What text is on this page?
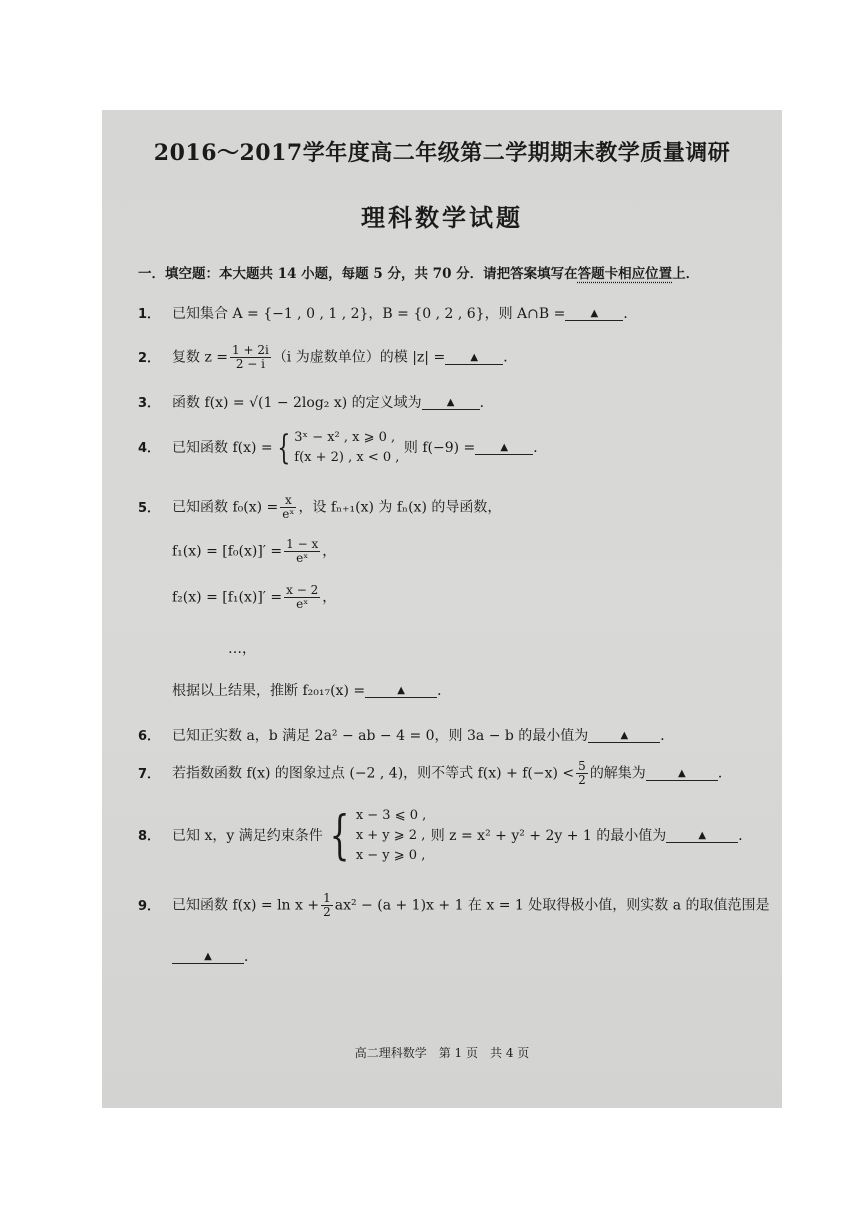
2016～2017学年度高二年级第二学期期末教学质量调研
理科数学试题
一．填空题：本大题共 14 小题，每题 5 分，共 70 分．请把答案填写在答题卡相应位置上．
1． 已知集合 A = {−1 , 0 , 1 , 2}，B = {0 , 2 , 6}，则 A∩B =	▲ ．
2． 复数 $z = \frac{1 + 2i}{2 - i} (i$ 为虚数单位）的模 |z| =	▲ ．
3． 函数 f(x) = √(1 − 2log₂ x) 的定义域为	▲ ．
4． 已知函数 f(x) = { 3ˣ − x² , x ⩾ 0 ,
f(x + 2) , x < 0 ,
则 f(−9) =	▲ ．
5． 已知函数 $f_0(x) = \frac{x}{\text{eˣ}}$ ，设 fₙ₊₁(x) 为 fₙ(x) 的导函数，
$f_1(x) = [f_0(x)]' = \frac{1 - x}{\text{eˣ}}$ ，
$f_2(x) = [f_1(x)]' = \frac{x - 2}{\text{eˣ}}$ ，
…，
根据以上结果，推断 f₂₀₁₇(x) =	▲ ．
6． 已知正实数 a，b 满足 2a² − ab − 4 = 0，则 3a − b 的最小值为	▲ ．
7． 若指数函数 f(x) 的图象过点 (−2 , 4)，则不等式 $f(x) + f(-x) < \frac{5}{2}$ 的解集为	▲ ．
8． 已知 x，y 满足约束条件 { x − 3 ⩽ 0 ,
x + y ⩾ 2 ,
x − y ⩾ 0 ,
则 z = x² + y² + 2y + 1 的最小值为	▲ ．
9． 已知函数 $f(x) = \ln x + \frac{1}{2} ax^2 - (a + 1)x + 1$ 在 x = 1 处取得极小值，则实数 a 的取值范围是
▲ ．
高二理科数学　第 1 页　共 4 页
